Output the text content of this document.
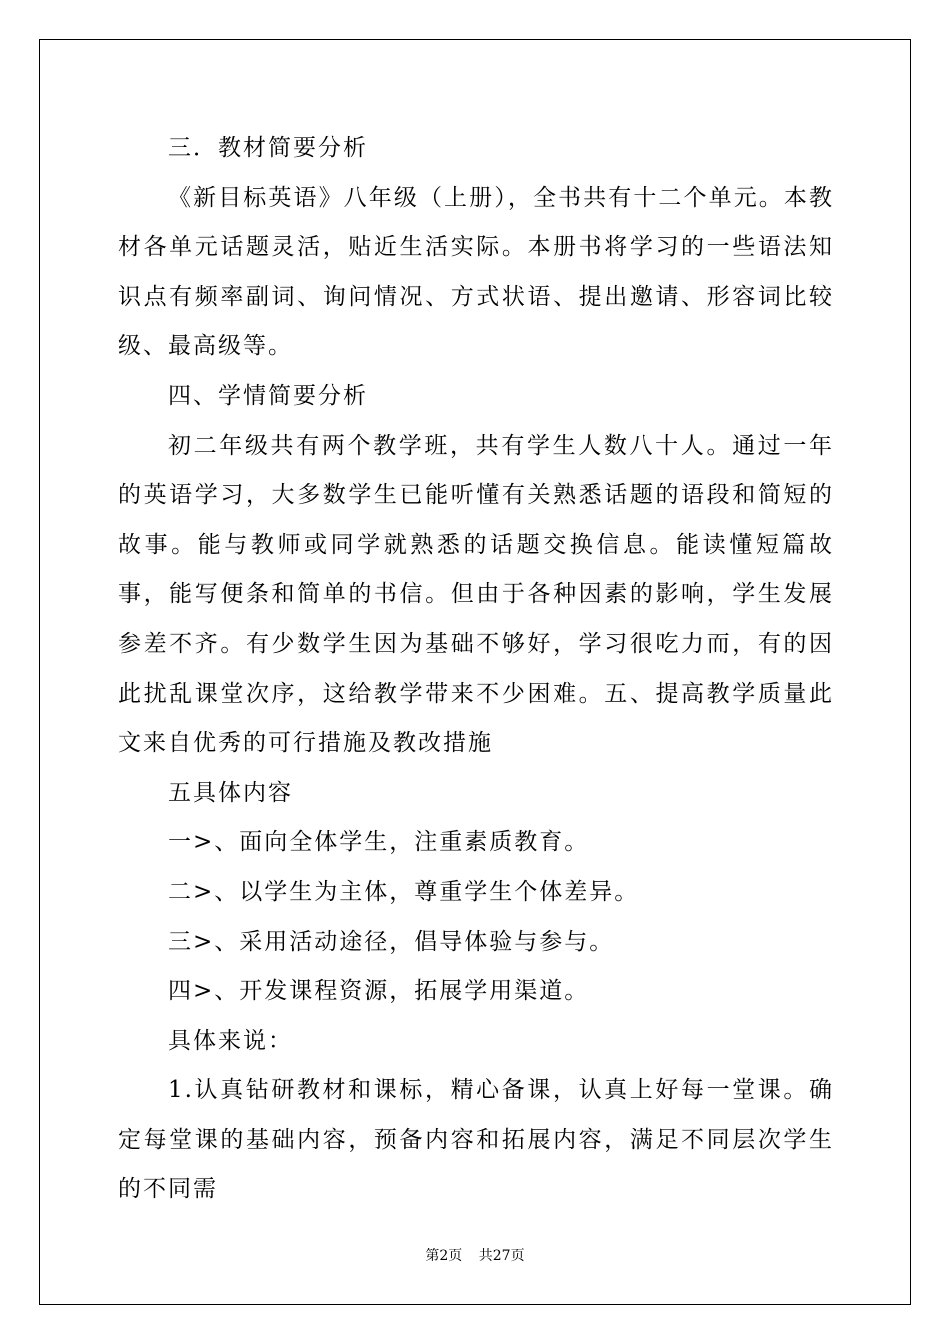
三．教材简要分析

《新目标英语》八年级（上册），全书共有十二个单元。本教材各单元话题灵活，贴近生活实际。本册书将学习的一些语法知识点有频率副词、询问情况、方式状语、提出邀请、形容词比较级、最高级等。

四、学情简要分析

初二年级共有两个教学班，共有学生人数八十人。通过一年的英语学习，大多数学生已能听懂有关熟悉话题的语段和简短的故事。能与教师或同学就熟悉的话题交换信息。能读懂短篇故事，能写便条和简单的书信。但由于各种因素的影响，学生发展参差不齐。有少数学生因为基础不够好，学习很吃力而，有的因此扰乱课堂次序，这给教学带来不少困难。五、提高教学质量此文来自优秀的可行措施及教改措施

五具体内容

一>、面向全体学生，注重素质教育。

二>、以学生为主体，尊重学生个体差异。

三>、采用活动途径，倡导体验与参与。

四>、开发课程资源，拓展学用渠道。

具体来说：

1.认真钻研教材和课标，精心备课，认真上好每一堂课。确定每堂课的基础内容，预备内容和拓展内容，满足不同层次学生的不同需

第2页 共27页
